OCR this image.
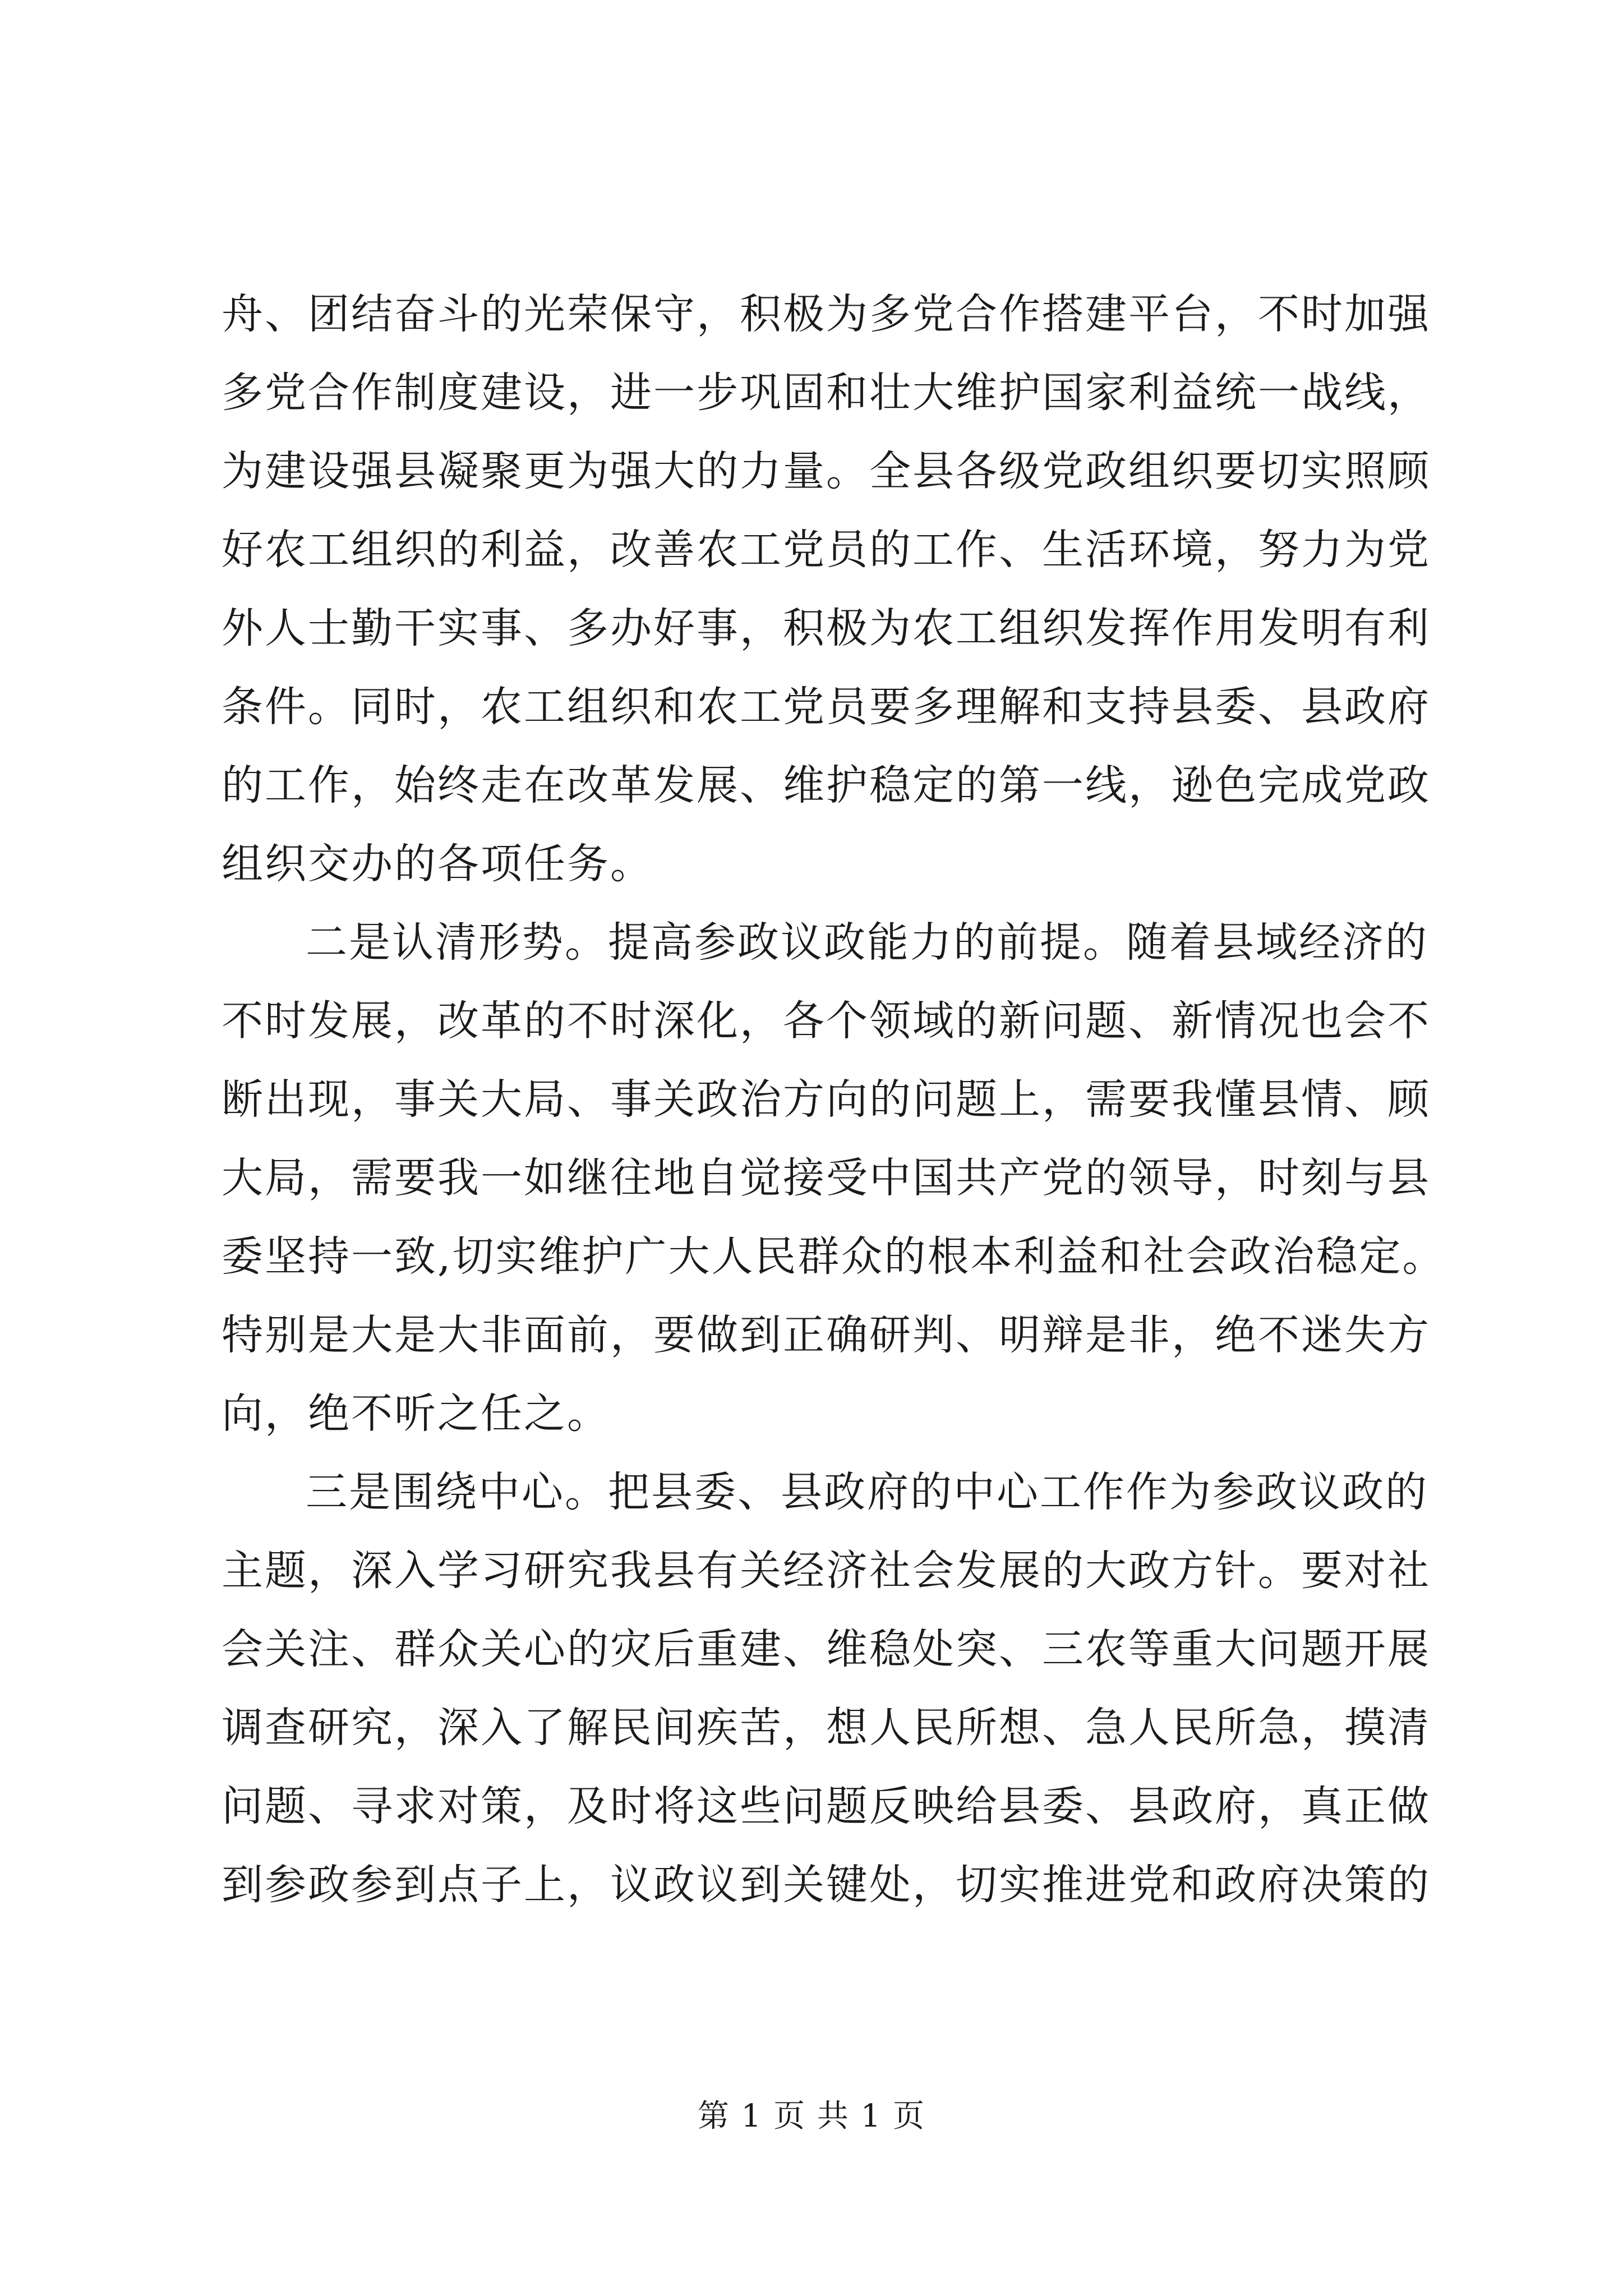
舟、团结奋斗的光荣保守，积极为多党合作搭建平台，不时加强
多党合作制度建设，进一步巩固和壮大维护国家利益统一战线，
为建设强县凝聚更为强大的力量。全县各级党政组织要切实照顾
好农工组织的利益，改善农工党员的工作、生活环境，努力为党
外人士勤干实事、多办好事，积极为农工组织发挥作用发明有利
条件。同时，农工组织和农工党员要多理解和支持县委、县政府
的工作，始终走在改革发展、维护稳定的第一线，逊色完成党政
组织交办的各项任务。
二是认清形势。提高参政议政能力的前提。随着县域经济的
不时发展，改革的不时深化，各个领域的新问题、新情况也会不
断出现，事关大局、事关政治方向的问题上，需要我懂县情、顾
大局，需要我一如继往地自觉接受中国共产党的领导，时刻与县
委坚持一致,切实维护广大人民群众的根本利益和社会政治稳定。
特别是大是大非面前，要做到正确研判、明辩是非，绝不迷失方
向，绝不听之任之。
三是围绕中心。把县委、县政府的中心工作作为参政议政的
主题，深入学习研究我县有关经济社会发展的大政方针。要对社
会关注、群众关心的灾后重建、维稳处突、三农等重大问题开展
调查研究，深入了解民间疾苦，想人民所想、急人民所急，摸清
问题、寻求对策，及时将这些问题反映给县委、县政府，真正做
到参政参到点子上，议政议到关键处，切实推进党和政府决策的
第 1 页 共 1 页
